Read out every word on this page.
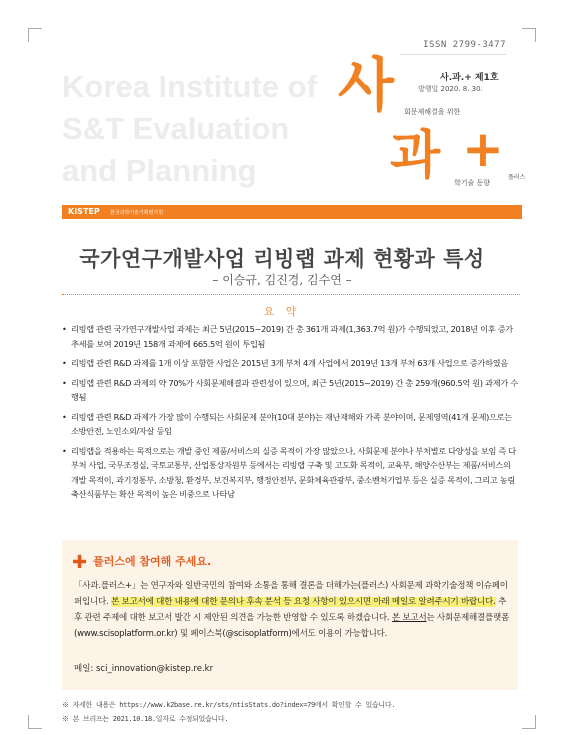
ISSN 2799-3477
Korea Institute of
S&T Evaluation
and Planning
사.과.+ 제1호
발행일 2020. 8. 30.
사 회문제해결을 위한
과 + 플러스
학기술 동향
KISTEP 한국과학기술기획평가원
국가연구개발사업 리빙랩 과제 현황과 특성
– 이승규, 김진경, 김수연 –
요 약
• 리빙랩 관련 국가연구개발사업 과제는 최근 5년(2015~2019) 간 총 361개 과제(1,363.7억 원)가 수행되었고, 2018년 이후 증가 추세를 보여 2019년 158개 과제에 665.5억 원이 투입됨
• 리빙랩 관련 R&D 과제를 1개 이상 포함한 사업은 2015년 3개 부처 4개 사업에서 2019년 13개 부처 63개 사업으로 증가하였음
• 리빙랩 관련 R&D 과제의 약 70%가 사회문제해결과 관련성이 있으며, 최근 5년(2015~2019) 간 총 259개(960.5억 원) 과제가 수행됨
• 리빙랩 관련 R&D 과제가 가장 많이 수행되는 사회문제 분야(10대 분야)는 재난재해와 가족 분야이며, 문제영역(41개 문제)으로는 소방안전, 노인소외/자살 등임
• 리빙랩을 적용하는 목적으로는 개발 중인 제품/서비스의 실증 목적이 가장 많았으나, 사회문제 분야나 부처별로 다양성을 보임 즉 다부처 사업, 국무조정실, 국토교통부, 산업통상자원부 등에서는 리빙랩 구축 및 고도화 목적이, 교육부, 해양수산부는 제품/서비스의 개발 목적이, 과기정통부, 소방청, 환경부, 보건복지부, 행정안전부, 문화체육관광부, 중소벤처기업부 등은 실증 목적이, 그리고 농림축산식품부는 확산 목적이 높은 비중으로 나타남
✚ 플러스에 참여해 주세요.
「사과.플러스+」는 연구자와 일반국민의 참여와 소통을 통해 결론을 더해가는(플러스) 사회문제 과학기술정책 이슈페이퍼입니다. 본 보고서에 대한 내용에 대한 문의나 후속 분석 등 요청 사항이 있으시면 아래 메일로 알려주시기 바랍니다. 추후 관련 주제에 대한 보고서 발간 시 제안된 의견을 가능한 반영할 수 있도록 하겠습니다. 본 보고서는 사회문제해결플랫폼(www.scisoplatform.or.kr) 및 페이스북(@scisoplatform)에서도 이용이 가능합니다.
메일: sci_innovation@kistep.re.kr
※ 자세한 내용은 https://www.k2base.re.kr/sts/ntisStats.do?index=79에서 확인할 수 있습니다.
※ 본 브리프는 2021.10.18.일자로 수정되었습니다.
